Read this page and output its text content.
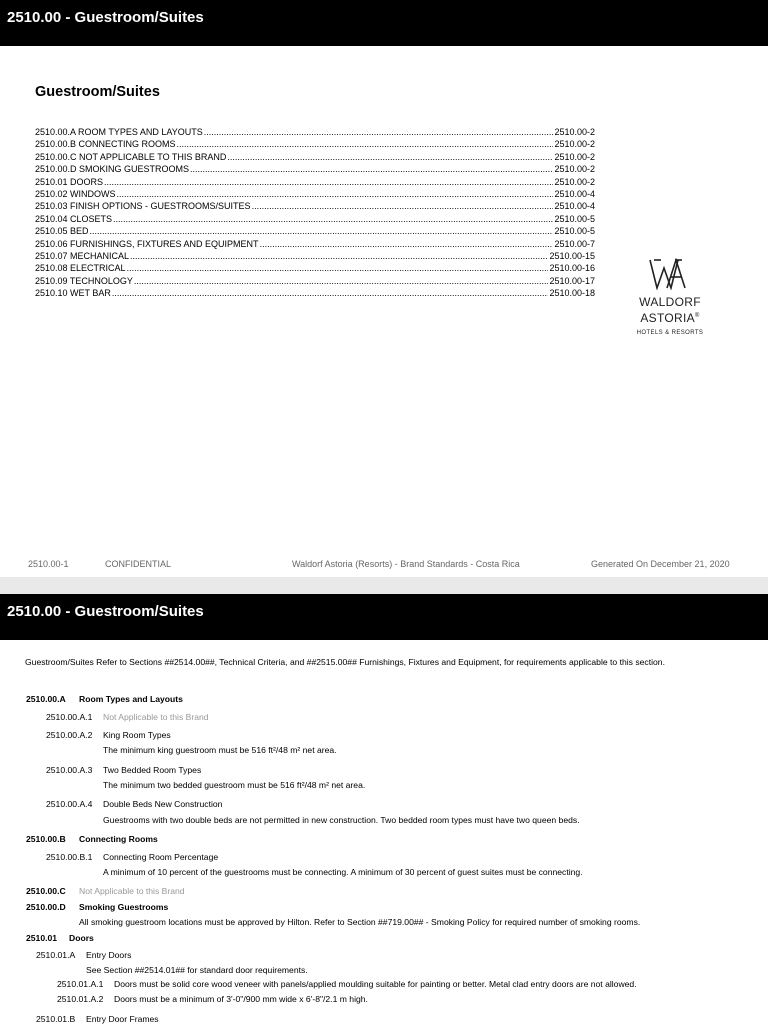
2510.00 - Guestroom/Suites
Guestroom/Suites
2510.00.A ROOM TYPES AND LAYOUTS .....	2510.00-2
2510.00.B CONNECTING ROOMS .....	2510.00-2
2510.00.C NOT APPLICABLE TO THIS BRAND .....	2510.00-2
2510.00.D SMOKING GUESTROOMS .....	2510.00-2
2510.01 DOORS .....	2510.00-2
2510.02 WINDOWS .....	2510.00-4
2510.03 FINISH OPTIONS - GUESTROOMS/SUITES .....	2510.00-4
2510.04 CLOSETS .....	2510.00-5
2510.05 BED .....	2510.00-5
2510.06 FURNISHINGS, FIXTURES AND EQUIPMENT .....	2510.00-7
2510.07 MECHANICAL .....	2510.00-15
2510.08 ELECTRICAL .....	2510.00-16
2510.09 TECHNOLOGY .....	2510.00-17
2510.10 WET BAR .....	2510.00-18
WALDORF
ASTORIA®
HOTELS & RESORTS
2510.00-1	CONFIDENTIAL	Waldorf Astoria (Resorts) - Brand Standards - Costa Rica	Generated On December 21, 2020
2510.00 - Guestroom/Suites
Guestroom/Suites Refer to Sections ##2514.00##, Technical Criteria, and ##2515.00## Furnishings, Fixtures and Equipment, for requirements applicable to this section.
2510.00.A Room Types and Layouts
2510.00.A.1 Not Applicable to this Brand
2510.00.A.2 King Room Types
The minimum king guestroom must be 516 ft²/48 m² net area.
2510.00.A.3 Two Bedded Room Types
The minimum two bedded guestroom must be 516 ft²/48 m² net area.
2510.00.A.4 Double Beds New Construction
Guestrooms with two double beds are not permitted in new construction. Two bedded room types must have two queen beds.
2510.00.B Connecting Rooms
2510.00.B.1 Connecting Room Percentage
A minimum of 10 percent of the guestrooms must be connecting. A minimum of 30 percent of guest suites must be connecting.
2510.00.C Not Applicable to this Brand
2510.00.D Smoking Guestrooms
All smoking guestroom locations must be approved by Hilton. Refer to Section ##719.00## - Smoking Policy for required number of smoking rooms.
2510.01 Doors
2510.01.A Entry Doors
See Section ##2514.01## for standard door requirements.
2510.01.A.1 Doors must be solid core wood veneer with panels/applied moulding suitable for painting or better. Metal clad entry doors are not allowed.
2510.01.A.2 Doors must be a minimum of 3'-0"/900 mm wide x 6'-8"/2.1 m high.
2510.01.B Entry Door Frames
